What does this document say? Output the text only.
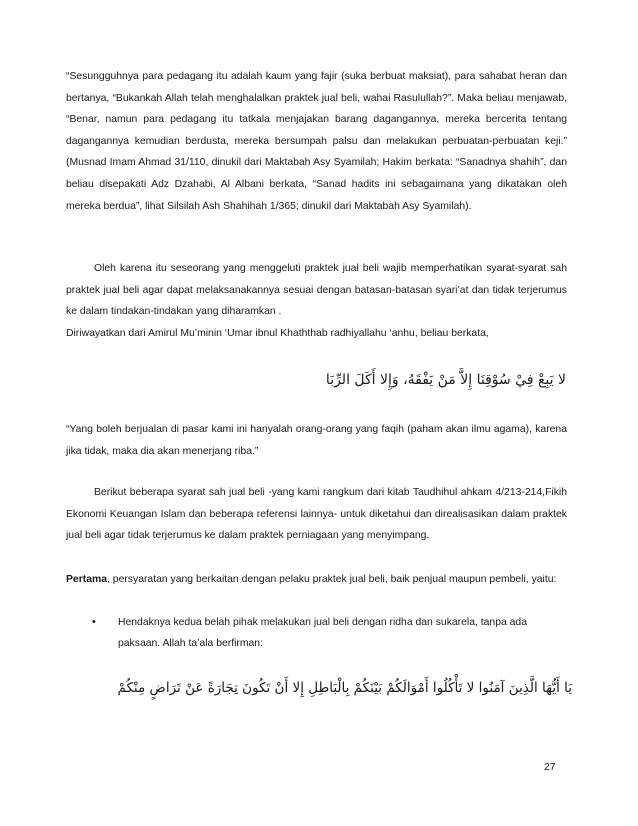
“Sesungguhnya para pedagang itu adalah kaum yang fajir (suka berbuat maksiat), para sahabat heran dan bertanya, “Bukankah Allah telah menghalalkan praktek jual beli, wahai Rasulullah?”. Maka beliau menjawab, “Benar, namun para pedagang itu tatkala menjajakan barang dagangannya, mereka bercerita tentang dagangannya kemudian berdusta, mereka bersumpah palsu dan melakukan perbuatan-perbuatan keji.” (Musnad Imam Ahmad 31/110, dinukil dari Maktabah Asy Syamilah; Hakim berkata: “Sanadnya shahih”, dan beliau disepakati Adz Dzahabi, Al Albani berkata, “Sanad hadits ini sebagaimana yang dikatakan oleh mereka berdua”, lihat Silsilah Ash Shahihah 1/365; dinukil dari Maktabah Asy Syamilah).

Oleh karena itu seseorang yang menggeluti praktek jual beli wajib memperhatikan syarat-syarat sah praktek jual beli agar dapat melaksanakannya sesuai dengan batasan-batasan syari’at dan tidak terjerumus ke dalam tindakan-tindakan yang diharamkan .

Diriwayatkan dari Amirul Mu’minin ‘Umar ibnul Khaththab radhiyallahu ‘anhu, beliau berkata,

لا يَبِعْ فِيْ سُوْقِنَا إِلاَّ مَنْ يَفْقَهُ، وَإِلا أَكَلَ الرِّبَا

“Yang boleh berjualan di pasar kami ini hanyalah orang-orang yang faqih (paham akan ilmu agama), karena jika tidak, maka dia akan menerjang riba.”

Berikut beberapa syarat sah jual beli -yang kami rangkum dari kitab Taudhihul ahkam 4/213-214,Fikih Ekonomi Keuangan Islam dan beberapa referensi lainnya- untuk diketahui dan direalisasikan dalam praktek jual beli agar tidak terjerumus ke dalam praktek perniagaan yang menyimpang.

Pertama, persyaratan yang berkaitan dengan pelaku praktek jual beli, baik penjual maupun pembeli, yaitu:

• Hendaknya kedua belah pihak melakukan jual beli dengan ridha dan sukarela, tanpa ada paksaan. Allah ta’ala berfirman:

يَا أَيُّهَا الَّذِينَ آمَنُوا لا تَأْكُلُوا أَمْوَالَكُمْ بَيْنَكُمْ بِالْبَاطِلِ إِلا أَنْ تَكُونَ تِجَارَةً عَنْ تَرَاضٍ مِنْكُمْ
27
